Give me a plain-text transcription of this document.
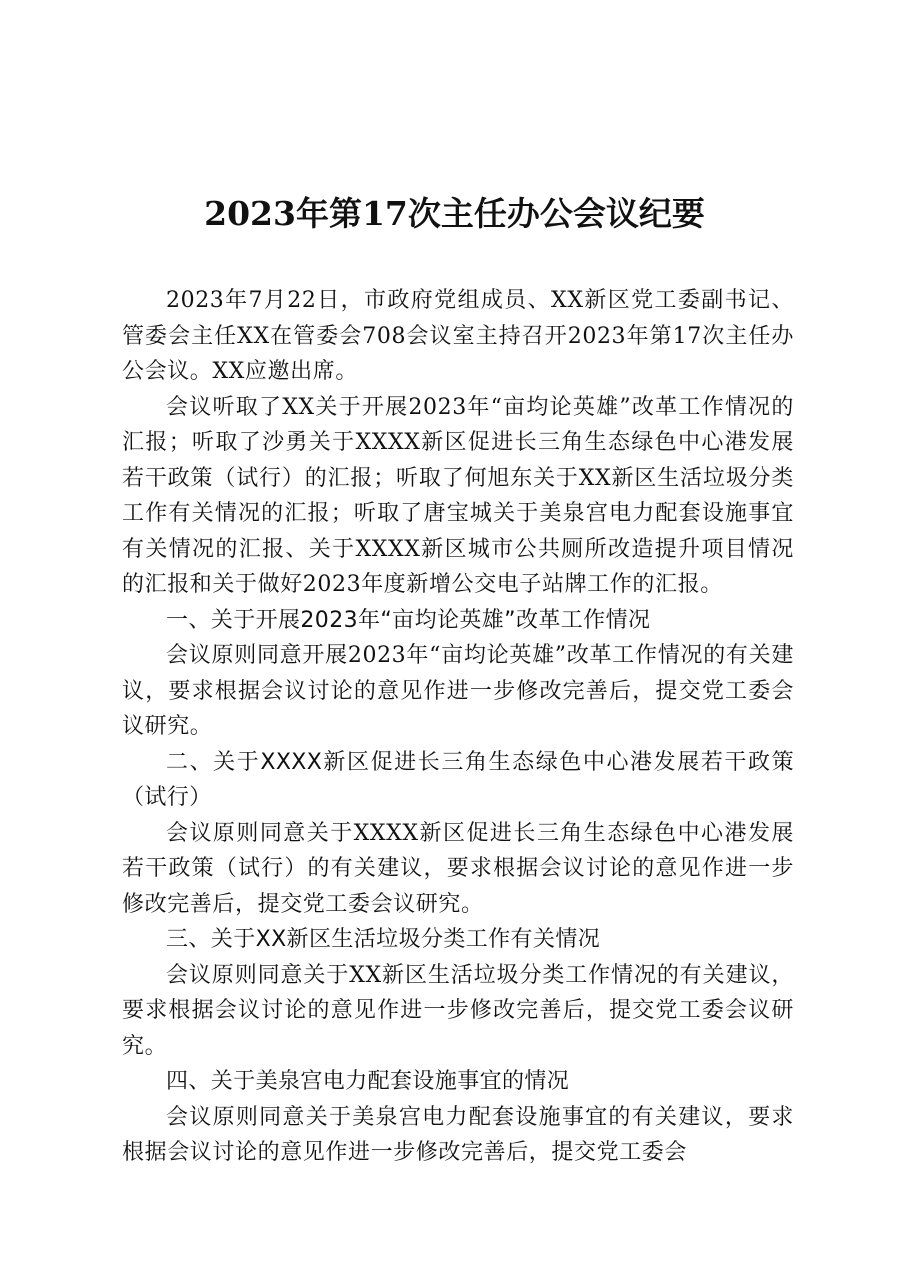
2023年第17次主任办公会议纪要

2023年7月22日，市政府党组成员、XX新区党工委副书记、管委会主任XX在管委会708会议室主持召开2023年第17次主任办公会议。XX应邀出席。

会议听取了XX关于开展2023年“亩均论英雄”改革工作情况的汇报；听取了沙勇关于XXXX新区促进长三角生态绿色中心港发展若干政策（试行）的汇报；听取了何旭东关于XX新区生活垃圾分类工作有关情况的汇报；听取了唐宝城关于美泉宫电力配套设施事宜有关情况的汇报、关于XXXX新区城市公共厕所改造提升项目情况的汇报和关于做好2023年度新增公交电子站牌工作的汇报。

一、关于开展2023年“亩均论英雄”改革工作情况

会议原则同意开展2023年“亩均论英雄”改革工作情况的有关建议，要求根据会议讨论的意见作进一步修改完善后，提交党工委会议研究。

二、关于XXXX新区促进长三角生态绿色中心港发展若干政策（试行）

会议原则同意关于XXXX新区促进长三角生态绿色中心港发展若干政策（试行）的有关建议，要求根据会议讨论的意见作进一步修改完善后，提交党工委会议研究。

三、关于XX新区生活垃圾分类工作有关情况

会议原则同意关于XX新区生活垃圾分类工作情况的有关建议，要求根据会议讨论的意见作进一步修改完善后，提交党工委会议研究。

四、关于美泉宫电力配套设施事宜的情况

会议原则同意关于美泉宫电力配套设施事宜的有关建议，要求根据会议讨论的意见作进一步修改完善后，提交党工委会
